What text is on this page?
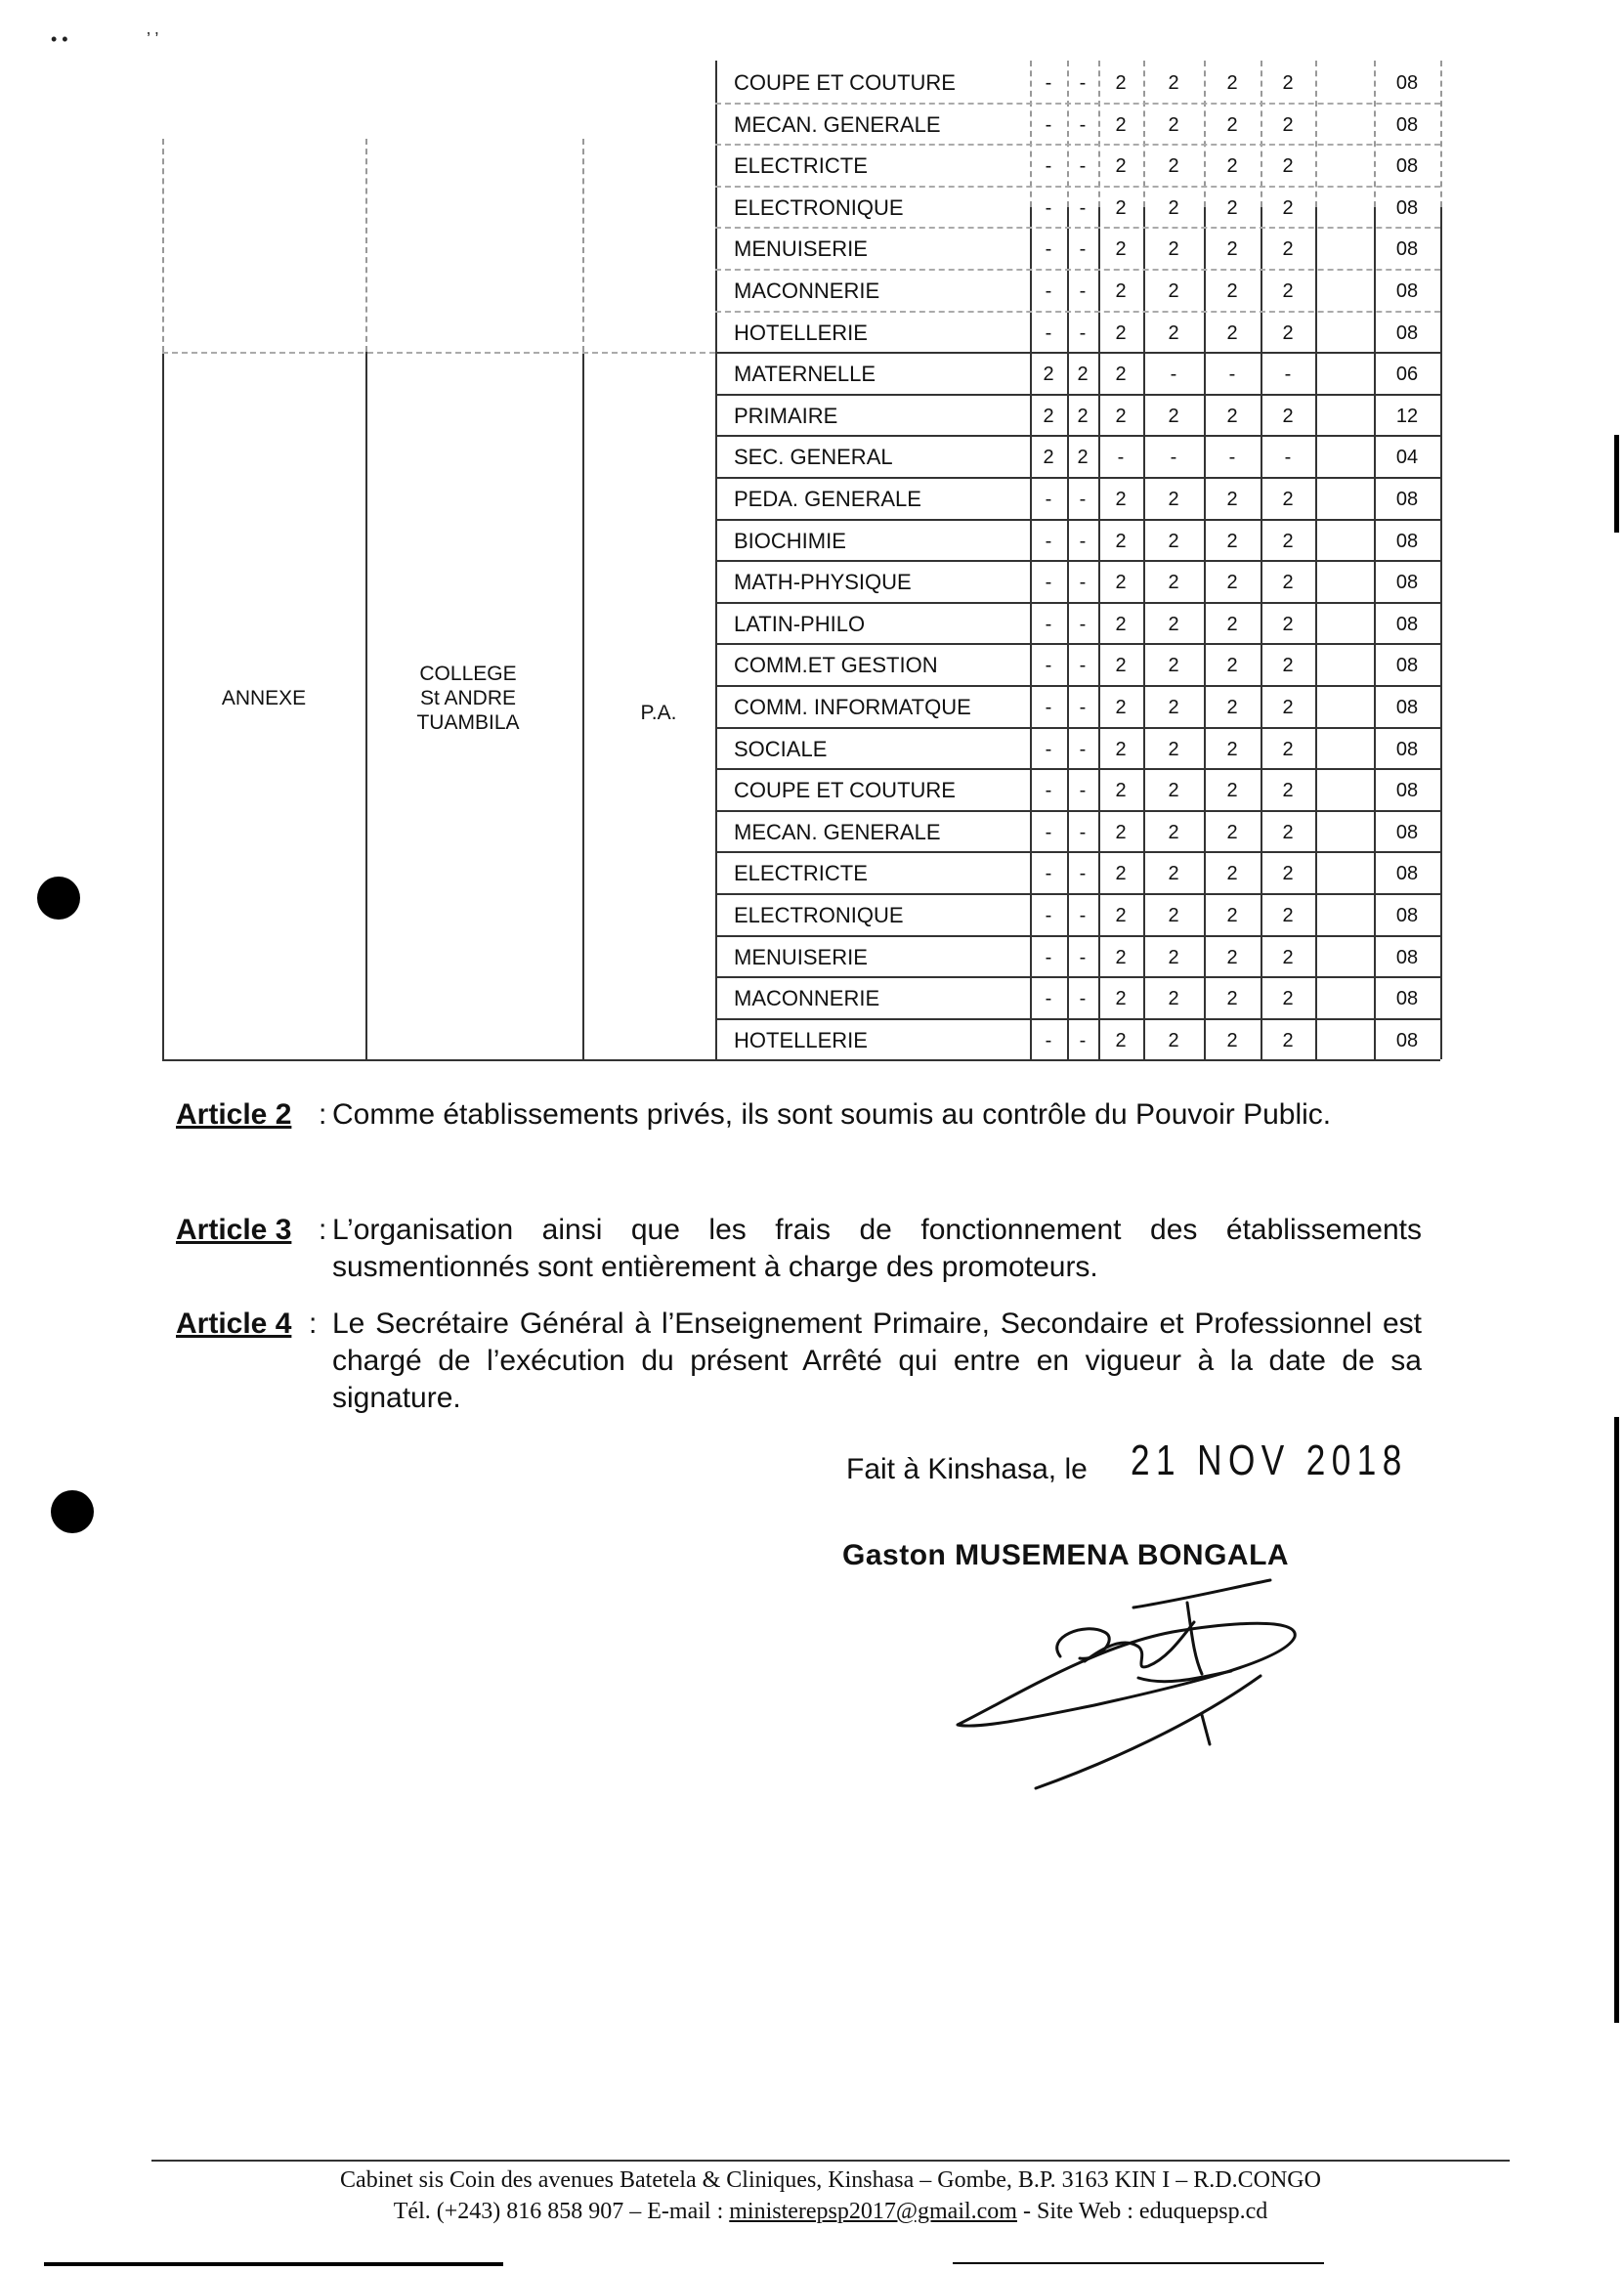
• •	’ ’
ANNEXE
COLLEGE
St ANDRE
TUAMBILA	P.A.
COUPE ET COUTURE	-	-	2	2	2	2	08
MECAN. GENERALE	-	-	2	2	2	2	08
ELECTRICTE	-	-	2	2	2	2	08
ELECTRONIQUE	-	-	2	2	2	2	08
MENUISERIE	-	-	2	2	2	2	08
MACONNERIE	-	-	2	2	2	2	08
HOTELLERIE	-	-	2	2	2	2	08
MATERNELLE	2	2	2	-	-	-	06
PRIMAIRE	2	2	2	2	2	2	12
SEC. GENERAL	2	2	-	-	-	-	04
PEDA. GENERALE	-	-	2	2	2	2	08
BIOCHIMIE	-	-	2	2	2	2	08
MATH-PHYSIQUE	-	-	2	2	2	2	08
LATIN-PHILO	-	-	2	2	2	2	08
COMM.ET GESTION	-	-	2	2	2	2	08
COMM. INFORMATQUE	-	-	2	2	2	2	08
SOCIALE	-	-	2	2	2	2	08
COUPE ET COUTURE	-	-	2	2	2	2	08
MECAN. GENERALE	-	-	2	2	2	2	08
ELECTRICTE	-	-	2	2	2	2	08
ELECTRONIQUE	-	-	2	2	2	2	08
MENUISERIE	-	-	2	2	2	2	08
MACONNERIE	-	-	2	2	2	2	08
HOTELLERIE	-	-	2	2	2	2	08
Article 2 : Comme établissements privés, ils sont soumis au contrôle du Pouvoir Public.
Article 3 : L’organisation ainsi que les frais de fonctionnement des établissements susmentionnés sont entièrement à charge des promoteurs.
Article 4 : Le Secrétaire Général à l’Enseignement Primaire, Secondaire et Professionnel est chargé de l’exécution du présent Arrêté qui entre en vigueur à la date de sa signature.
Fait à Kinshasa, le 21 NOV 2018
Gaston MUSEMENA BONGALA
Cabinet sis Coin des avenues Batetela & Cliniques, Kinshasa – Gombe, B.P. 3163 KIN I – R.D.CONGO
Tél. (+243) 816 858 907 – E-mail : ministerepsp2017@gmail.com - Site Web : eduquepsp.cd
